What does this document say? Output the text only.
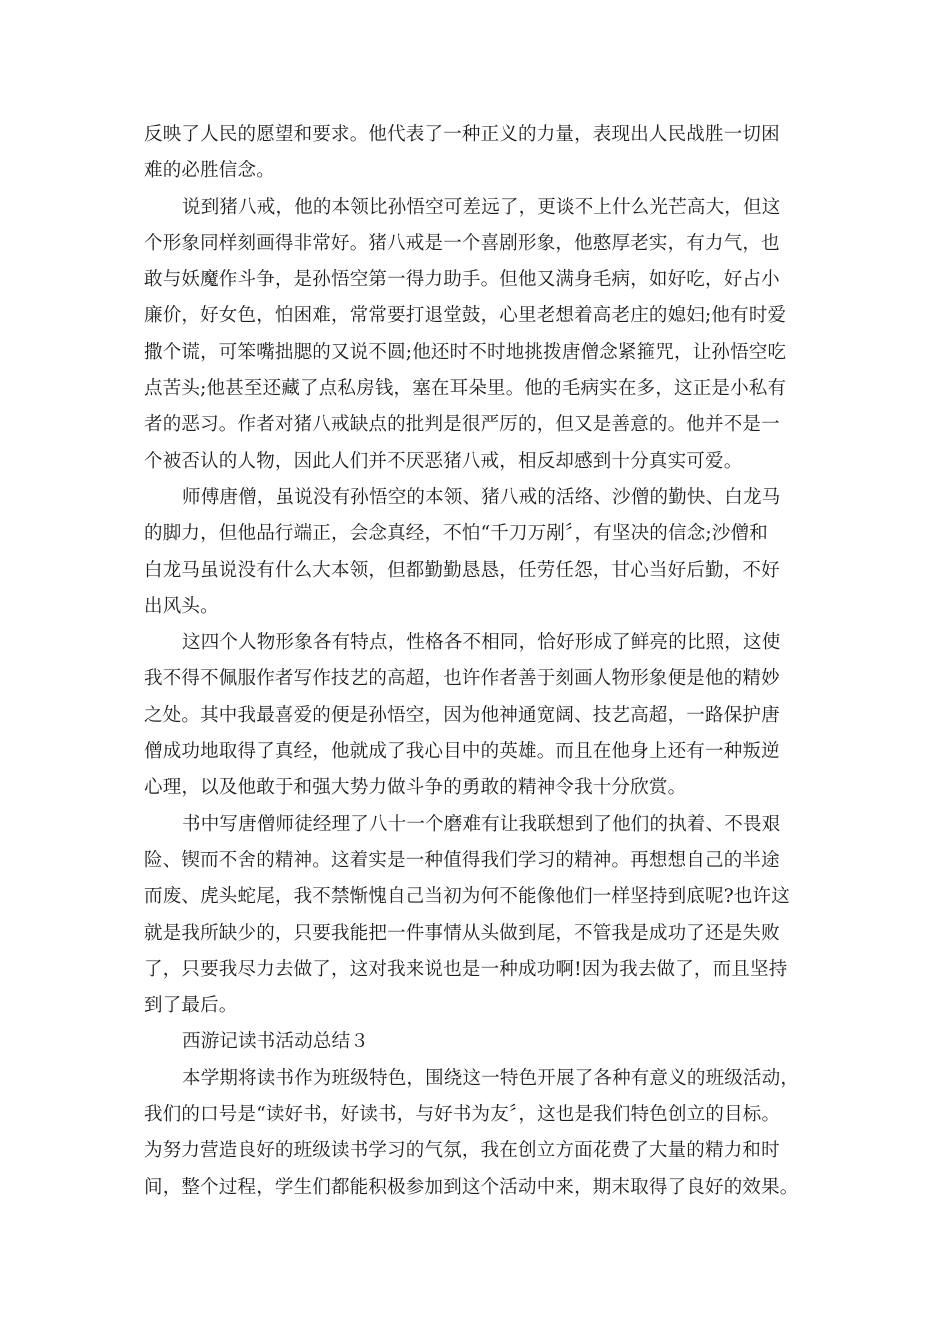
反映了人民的愿望和要求。他代表了一种正义的力量，表现出人民战胜一切困
难的必胜信念。
说到猪八戒，他的本领比孙悟空可差远了，更谈不上什么光芒高大，但这
个形象同样刻画得非常好。猪八戒是一个喜剧形象，他憨厚老实，有力气，也
敢与妖魔作斗争，是孙悟空第一得力助手。但他又满身毛病，如好吃，好占小
廉价，好女色，怕困难，常常要打退堂鼓，心里老想着高老庄的媳妇;他有时爱
撒个谎，可笨嘴拙腮的又说不圆;他还时不时地挑拨唐僧念紧箍咒，让孙悟空吃
点苦头;他甚至还藏了点私房钱，塞在耳朵里。他的毛病实在多，这正是小私有
者的恶习。作者对猪八戒缺点的批判是很严厉的，但又是善意的。他并不是一
个被否认的人物，因此人们并不厌恶猪八戒，相反却感到十分真实可爱。
师傅唐僧，虽说没有孙悟空的本领、猪八戒的活络、沙僧的勤快、白龙马
的脚力，但他品行端正，会念真经，不怕“千刀万剐〞，有坚决的信念;沙僧和
白龙马虽说没有什么大本领，但都勤勤恳恳，任劳任怨，甘心当好后勤，不好
出风头。
这四个人物形象各有特点，性格各不相同，恰好形成了鲜亮的比照，这使
我不得不佩服作者写作技艺的高超，也许作者善于刻画人物形象便是他的精妙
之处。其中我最喜爱的便是孙悟空，因为他神通宽阔、技艺高超，一路保护唐
僧成功地取得了真经，他就成了我心目中的英雄。而且在他身上还有一种叛逆
心理，以及他敢于和强大势力做斗争的勇敢的精神令我十分欣赏。
书中写唐僧师徒经理了八十一个磨难有让我联想到了他们的执着、不畏艰
险、锲而不舍的精神。这着实是一种值得我们学习的精神。再想想自己的半途
而废、虎头蛇尾，我不禁惭愧自己当初为何不能像他们一样坚持到底呢?也许这
就是我所缺少的，只要我能把一件事情从头做到尾，不管我是成功了还是失败
了，只要我尽力去做了，这对我来说也是一种成功啊!因为我去做了，而且坚持
到了最后。
西游记读书活动总结３
本学期将读书作为班级特色，围绕这一特色开展了各种有意义的班级活动，
我们的口号是“读好书，好读书，与好书为友〞，这也是我们特色创立的目标。
为努力营造良好的班级读书学习的气氛，我在创立方面花费了大量的精力和时
间，整个过程，学生们都能积极参加到这个活动中来，期末取得了良好的效果。
